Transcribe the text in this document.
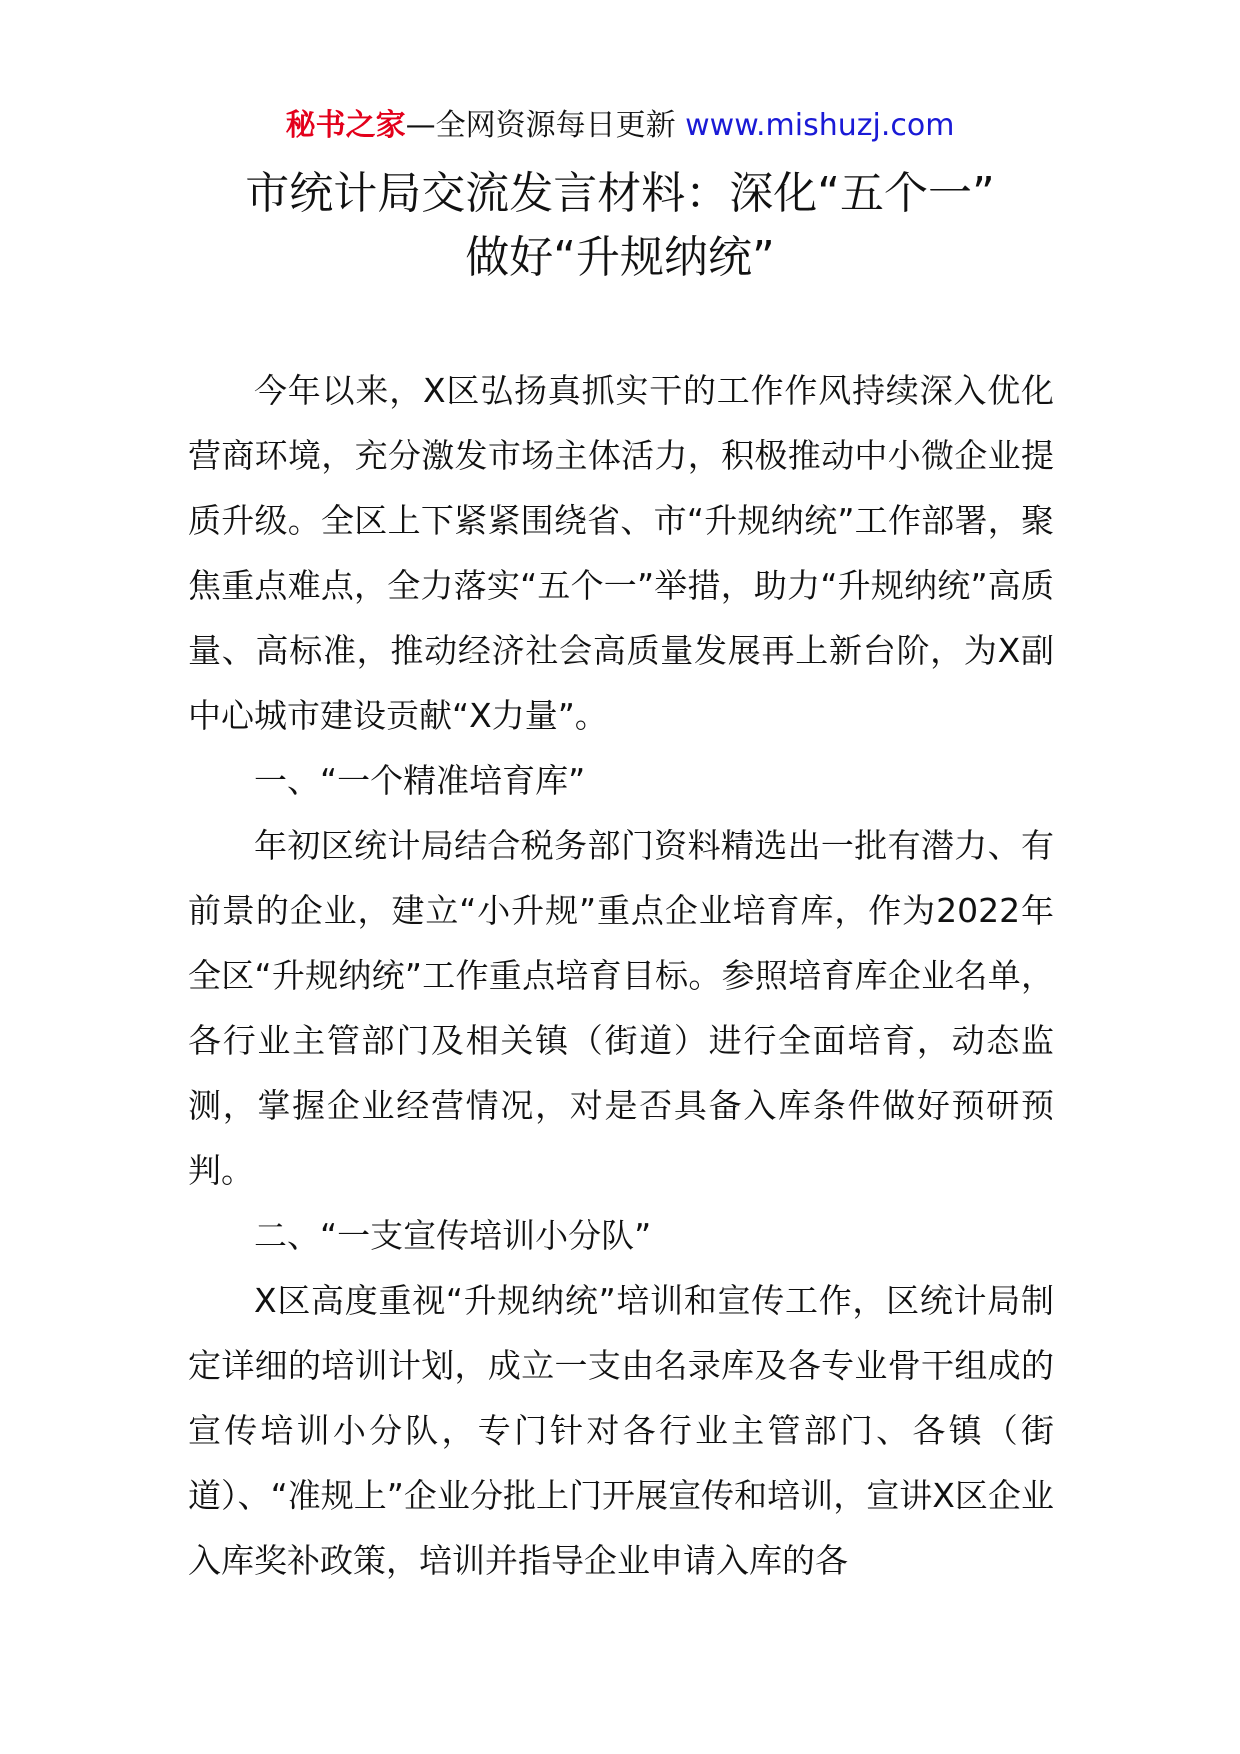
秘书之家—全网资源每日更新 www.mishuzj.com
市统计局交流发言材料：深化“五个一”
做好“升规纳统”

今年以来，X区弘扬真抓实干的工作作风持续深入优化营商环境，充分激发市场主体活力，积极推动中小微企业提质升级。全区上下紧紧围绕省、市“升规纳统”工作部署，聚焦重点难点，全力落实“五个一”举措，助力“升规纳统”高质量、高标准，推动经济社会高质量发展再上新台阶，为X副中心城市建设贡献“X力量”。

一、“一个精准培育库”

年初区统计局结合税务部门资料精选出一批有潜力、有前景的企业，建立“小升规”重点企业培育库，作为2022年全区“升规纳统”工作重点培育目标。参照培育库企业名单，各行业主管部门及相关镇（街道）进行全面培育，动态监测，掌握企业经营情况，对是否具备入库条件做好预研预判。

二、“一支宣传培训小分队”

X区高度重视“升规纳统”培训和宣传工作，区统计局制定详细的培训计划，成立一支由名录库及各专业骨干组成的宣传培训小分队，专门针对各行业主管部门、各镇（街道）、“准规上”企业分批上门开展宣传和培训，宣讲X区企业入库奖补政策，培训并指导企业申请入库的各
